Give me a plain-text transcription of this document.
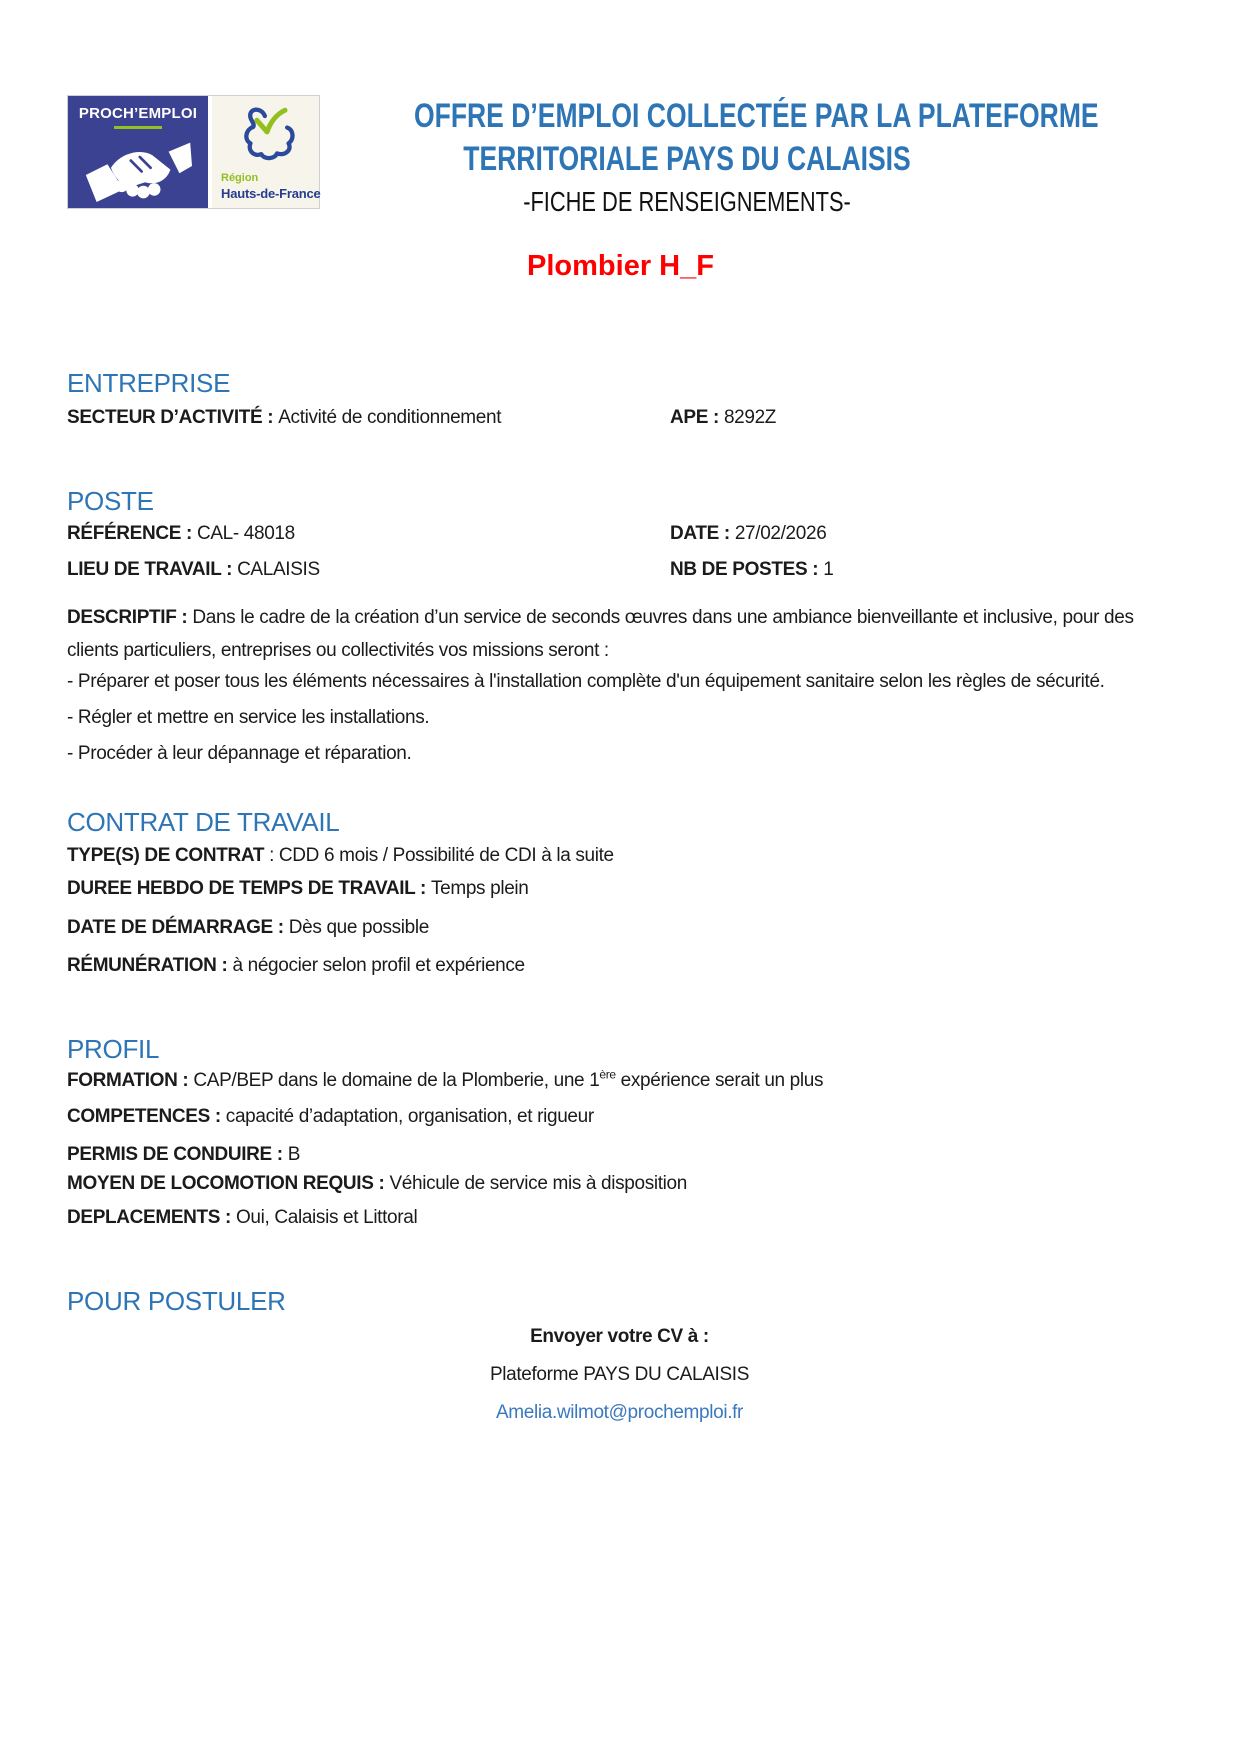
PROCH’EMPLOI
Région
Hauts-de-France
OFFRE D’EMPLOI COLLECTÉE PAR LA PLATEFORME
TERRITORIALE PAYS DU CALAISIS
-FICHE DE RENSEIGNEMENTS-
Plombier H_F
ENTREPRISE
SECTEUR D’ACTIVITÉ : Activité de conditionnement	APE : 8292Z
POSTE
RÉFÉRENCE : CAL- 48018	DATE : 27/02/2026
LIEU DE TRAVAIL : CALAISIS	NB DE POSTES : 1
DESCRIPTIF : Dans le cadre de la création d’un service de seconds œuvres dans une ambiance bienveillante et inclusive, pour des clients particuliers, entreprises ou collectivités vos missions seront :
- Préparer et poser tous les éléments nécessaires à l'installation complète d'un équipement sanitaire selon les règles de sécurité.
- Régler et mettre en service les installations.
- Procéder à leur dépannage et réparation.
CONTRAT DE TRAVAIL
TYPE(S) DE CONTRAT : CDD 6 mois / Possibilité de CDI à la suite
DUREE HEBDO DE TEMPS DE TRAVAIL : Temps plein
DATE DE DÉMARRAGE : Dès que possible
RÉMUNÉRATION : à négocier selon profil et expérience
PROFIL
FORMATION : CAP/BEP dans le domaine de la Plomberie, une 1ère expérience serait un plus
COMPETENCES : capacité d’adaptation, organisation, et rigueur
PERMIS DE CONDUIRE : B
MOYEN DE LOCOMOTION REQUIS : Véhicule de service mis à disposition
DEPLACEMENTS : Oui, Calaisis et Littoral
POUR POSTULER
Envoyer votre CV à :
Plateforme PAYS DU CALAISIS
Amelia.wilmot@prochemploi.fr
